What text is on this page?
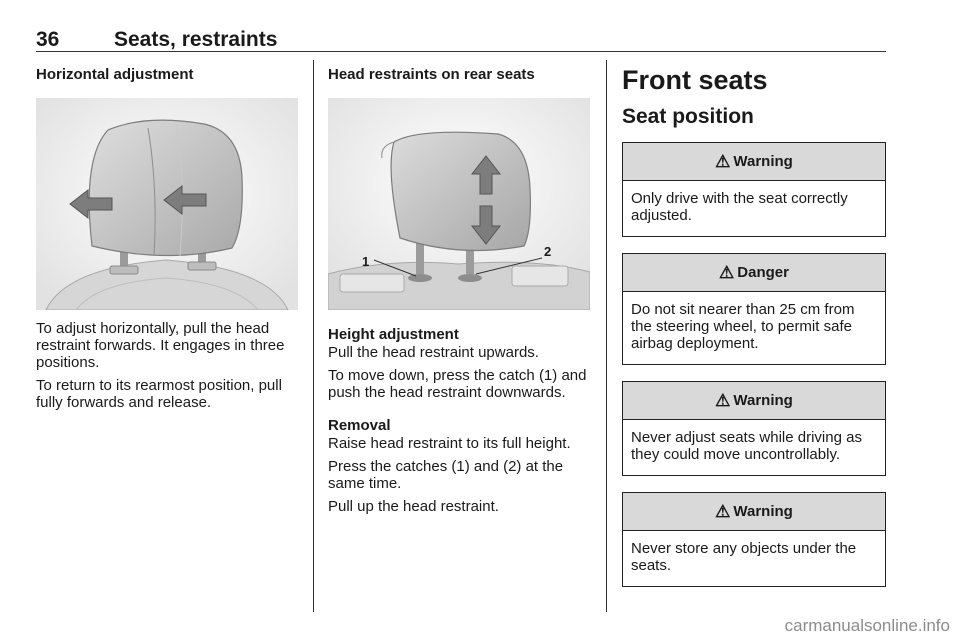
36	Seats, restraints
Horizontal adjustment

To adjust horizontally, pull the head restraint forwards. It engages in three positions.

To return to its rearmost position, pull fully forwards and release.

Head restraints on rear seats
1
2
Height adjustment

Pull the head restraint upwards.

To move down, press the catch (1) and push the head restraint downwards.

Removal

Raise head restraint to its full height.

Press the catches (1) and (2) at the same time.

Pull up the head restraint.

Front seats
Seat position
⚠ Warning
Only drive with the seat correctly adjusted.
⚠ Danger
Do not sit nearer than 25 cm from the steering wheel, to permit safe airbag deployment.
⚠ Warning
Never adjust seats while driving as they could move uncontrollably.
⚠ Warning
Never store any objects under the seats.
carmanualsonline.info
